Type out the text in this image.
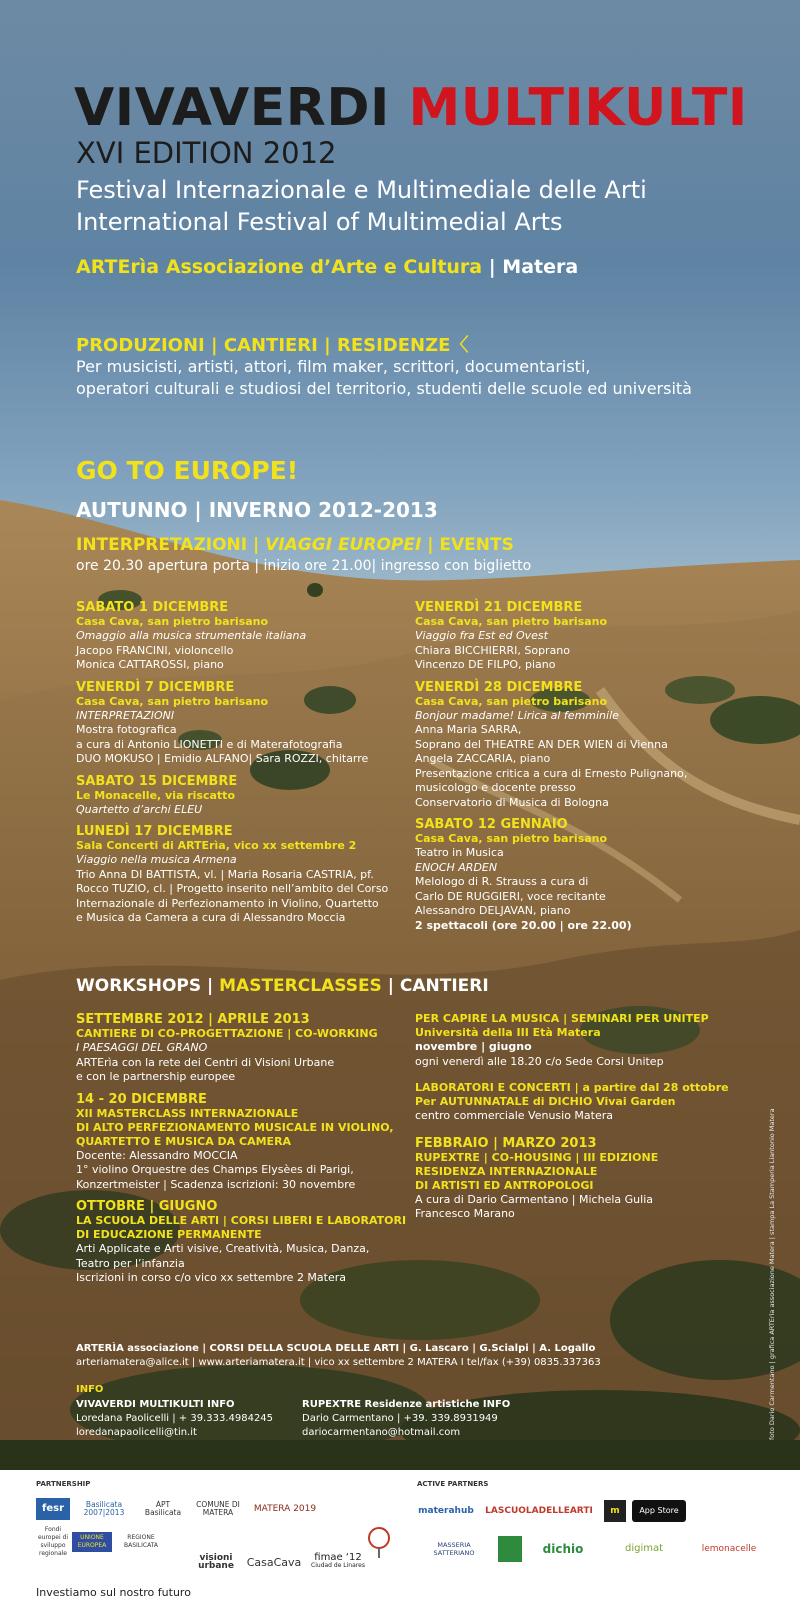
VIVAVERDI MULTIKULTI
XVI EDITION 2012
Festival Internazionale e Multimediale delle Arti
International Festival of Multimedial Arts
ARTErìa Associazione d’Arte e Cultura | Matera
PRODUZIONI | CANTIERI | RESIDENZE〈
Per musicisti, artisti, attori, film maker, scrittori, documentaristi,
operatori culturali e studiosi del territorio, studenti delle scuole ed università
GO TO EUROPE!
AUTUNNO | INVERNO 2012-2013
INTERPRETAZIONI | VIAGGI EUROPEI | EVENTS
ore 20.30 apertura porta | inizio ore 21.00| ingresso con biglietto
SABATO 1 DICEMBRE
Casa Cava, san pietro barisano
Omaggio alla musica strumentale italiana
Jacopo FRANCINI, violoncello
Monica CATTAROSSI, piano
VENERDÌ 7 DICEMBRE
Casa Cava, san pietro barisano
INTERPRETAZIONI
Mostra fotografica
a cura di Antonio LIONETTI e di Materafotografia
DUO MOKUSO | Emidio ALFANO| Sara ROZZI, chitarre
SABATO 15 DICEMBRE
Le Monacelle, via riscatto
Quartetto d’archi ELEU
LUNEDÌ 17 DICEMBRE
Sala Concerti di ARTErìa, vico xx settembre 2
Viaggio nella musica Armena
Trio Anna DI BATTISTA, vl. | Maria Rosaria CASTRIA, pf.
Rocco TUZIO, cl. | Progetto inserito nell’ambito del Corso
Internazionale di Perfezionamento in Violino, Quartetto
e Musica da Camera a cura di Alessandro Moccia
VENERDÌ 21 DICEMBRE
Casa Cava, san pietro barisano
Viaggio fra Est ed Ovest
Chiara BICCHIERRI, Soprano
Vincenzo DE FILPO, piano
VENERDÌ 28 DICEMBRE
Casa Cava, san pietro barisano
Bonjour madame! Lirica al femminile
Anna Maria SARRA,
Soprano del THEATRE AN DER WIEN di Vienna
Angela ZACCARIA, piano
Presentazione critica a cura di Ernesto Pulignano,
musicologo e docente presso
Conservatorio di Musica di Bologna
SABATO 12 GENNAIO
Casa Cava, san pietro barisano
Teatro in Musica
ENOCH ARDEN
Melologo di R. Strauss a cura di
Carlo DE RUGGIERI, voce recitante
Alessandro DELJAVAN, piano
2 spettacoli (ore 20.00 | ore 22.00)
WORKSHOPS | MASTERCLASSES | CANTIERI
SETTEMBRE 2012 | APRILE 2013
CANTIERE DI CO-PROGETTAZIONE | CO-WORKING
I PAESAGGI DEL GRANO
ARTErìa con la rete dei Centri di Visioni Urbane
e con le partnership europee
14 - 20 DICEMBRE
XII MASTERCLASS INTERNAZIONALE
DI ALTO PERFEZIONAMENTO MUSICALE IN VIOLINO,
QUARTETTO E MUSICA DA CAMERA
Docente: Alessandro MOCCIA
1° violino Orquestre des Champs Elysèes di Parigi,
Konzertmeister | Scadenza iscrizioni: 30 novembre
OTTOBRE | GIUGNO
LA SCUOLA DELLE ARTI | CORSI LIBERI E LABORATORI
DI EDUCAZIONE PERMANENTE
Arti Applicate e Arti visive, Creatività, Musica, Danza,
Teatro per l’infanzia
Iscrizioni in corso c/o vico xx settembre 2 Matera
PER CAPIRE LA MUSICA | SEMINARI PER UNITEP
Università della III Età Matera
novembre | giugno
ogni venerdì alle 18.20 c/o Sede Corsi Unitep
LABORATORI E CONCERTI | a partire dal 28 ottobre
Per AUTUNNATALE di DICHIO Vivai Garden
centro commerciale Venusio Matera
FEBBRAIO | MARZO 2013
RUPEXTRE | CO-HOUSING | III EDIZIONE
RESIDENZA INTERNAZIONALE
DI ARTISTI ED ANTROPOLOGI
A cura di Dario Carmentano | Michela Gulia
Francesco Marano
ARTERÌA associazione | CORSI DELLA SCUOLA DELLE ARTI | G. Lascaro | G.Scialpi | A. Logallo
arteriamatera@alice.it | www.arteriamatera.it | vico xx settembre 2 MATERA I tel/fax (+39) 0835.337363
INFO
VIVAVERDI MULTIKULTI INFO
Loredana Paolicelli | + 39.333.4984245
loredanapaolicelli@tin.it
RUPEXTRE Residenze artistiche INFO
Dario Carmentano | +39. 339.8931949
dariocarmentano@hotmail.com	foto Dario Carmentano | grafica ARTErìa associazione Matera | stampa La Stamperia Liantonio Matera
PARTNERSHIP	ACTIVE PARTNERS
fesr	Basilicata 2007|2013
APT Basilicata
COMUNE DI MATERA	MATERA 2019
Fondi europei di sviluppo regionale
UNIONE EUROPEA
REGIONE BASILICATA
visioni urbane CasaCava fimae ‘12
Ciudad de Linares
materahub LASCUOLADELLEARTI	m	App Store
MASSERIA SATTERIANO	dichio	digimat	lemonacelle
Investiamo sul nostro futuro
